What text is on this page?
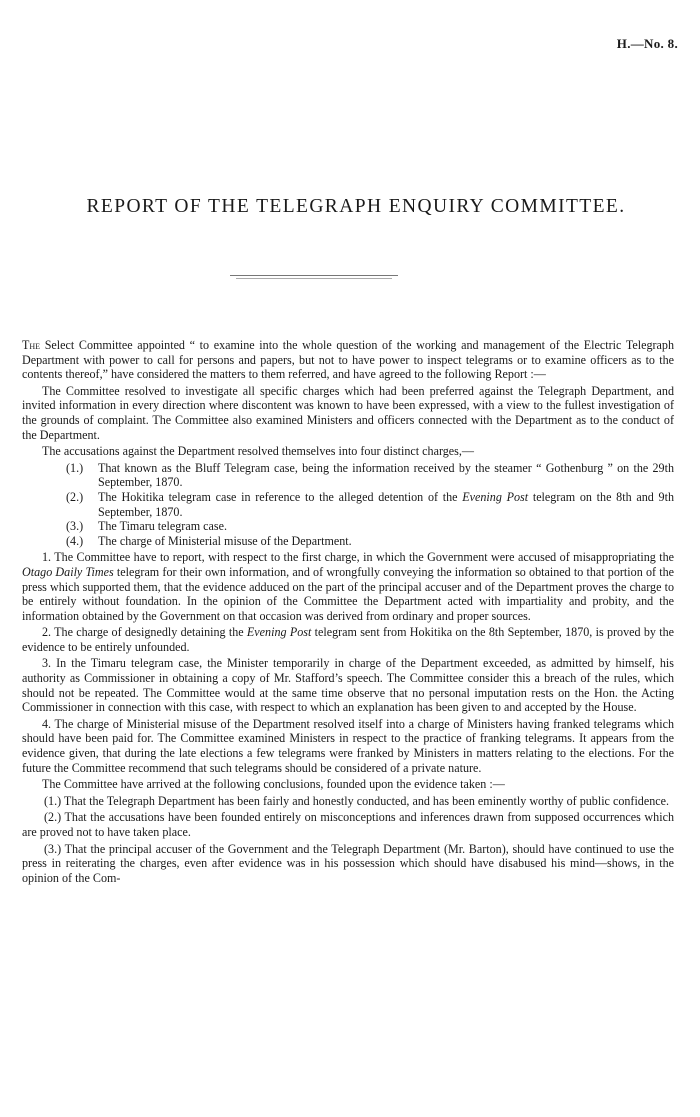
H.—No. 8.
REPORT OF THE TELEGRAPH ENQUIRY COMMITTEE.

The Select Committee appointed “ to examine into the whole question of the working and management of the Electric Telegraph Department with power to call for persons and papers, but not to have power to inspect telegrams or to examine officers as to the contents thereof,” have considered the matters to them referred, and have agreed to the following Report :—

The Committee resolved to investigate all specific charges which had been preferred against the Telegraph Department, and invited information in every direction where discontent was known to have been expressed, with a view to the fullest investigation of the grounds of complaint. The Committee also examined Ministers and officers connected with the Department as to the conduct of the Department.

The accusations against the Department resolved themselves into four distinct charges,—

(1.) That known as the Bluff Telegram case, being the information received by the steamer “ Gothenburg ” on the 29th September, 1870.
(2.) The Hokitika telegram case in reference to the alleged detention of the Evening Post telegram on the 8th and 9th September, 1870.
(3.) The Timaru telegram case.
(4.) The charge of Ministerial misuse of the Department.

1. The Committee have to report, with respect to the first charge, in which the Government were accused of misappropriating the Otago Daily Times telegram for their own information, and of wrongfully conveying the information so obtained to that portion of the press which supported them, that the evidence adduced on the part of the principal accuser and of the Department proves the charge to be entirely without foundation. In the opinion of the Committee the Department acted with impartiality and probity, and the information obtained by the Government on that occasion was derived from ordinary and proper sources.

2. The charge of designedly detaining the Evening Post telegram sent from Hokitika on the 8th September, 1870, is proved by the evidence to be entirely unfounded.

3. In the Timaru telegram case, the Minister temporarily in charge of the Department exceeded, as admitted by himself, his authority as Commissioner in obtaining a copy of Mr. Stafford’s speech. The Committee consider this a breach of the rules, which should not be repeated. The Committee would at the same time observe that no personal imputation rests on the Hon. the Acting Commissioner in connection with this case, with respect to which an explanation has been given to and accepted by the House.

4. The charge of Ministerial misuse of the Department resolved itself into a charge of Ministers having franked telegrams which should have been paid for. The Committee examined Ministers in respect to the practice of franking telegrams. It appears from the evidence given, that during the late elections a few telegrams were franked by Ministers in matters relating to the elections. For the future the Committee recommend that such telegrams should be considered of a private nature.

The Committee have arrived at the following conclusions, founded upon the evidence taken :—

(1.) That the Telegraph Department has been fairly and honestly conducted, and has been eminently worthy of public confidence.

(2.) That the accusations have been founded entirely on misconceptions and inferences drawn from supposed occurrences which are proved not to have taken place.

(3.) That the principal accuser of the Government and the Telegraph Department (Mr. Barton), should have continued to use the press in reiterating the charges, even after evidence was in his possession which should have disabused his mind—shows, in the opinion of the Com-
